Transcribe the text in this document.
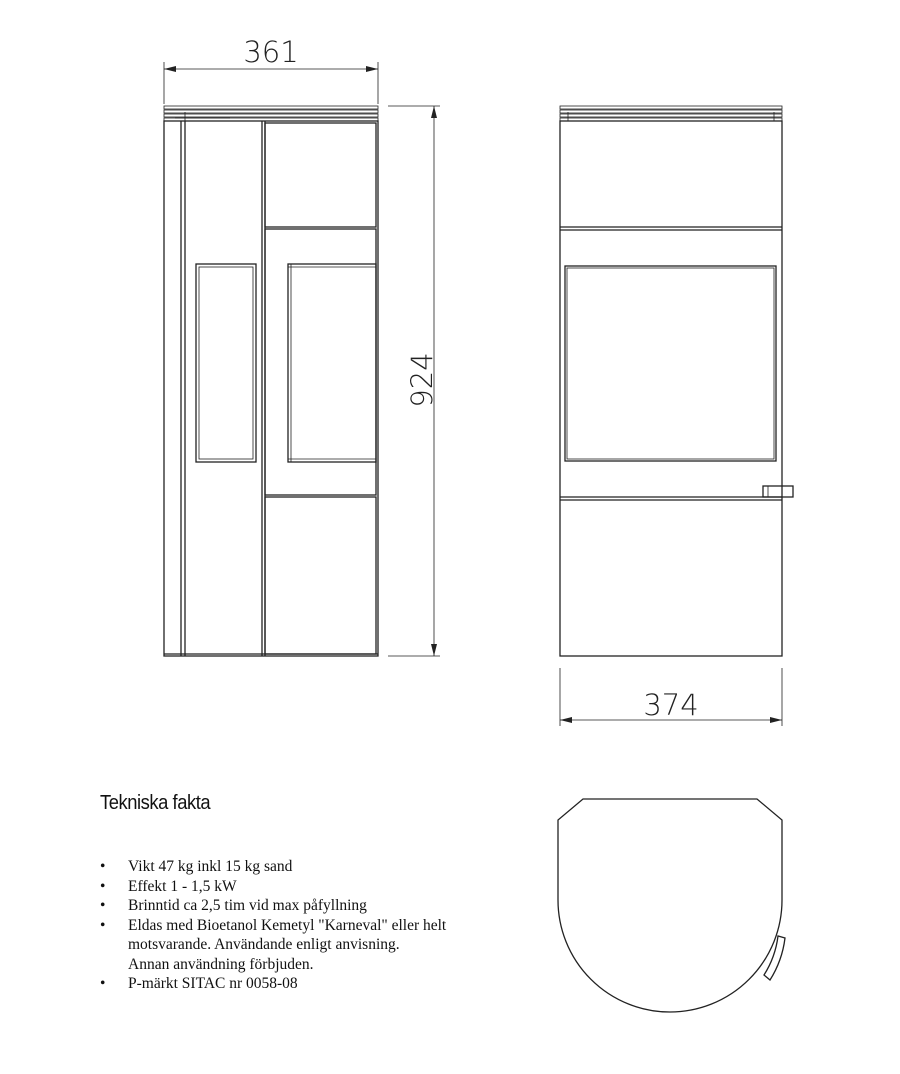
361
924
374
Tekniska fakta
• Vikt 47 kg inkl 15 kg sand
• Effekt 1 - 1,5 kW
• Brinntid ca 2,5 tim vid max påfyllning
• Eldas med Bioetanol Kemetyl "Karneval" eller helt
motsvarande. Användande enligt anvisning.
Annan användning förbjuden.
• P-märkt SITAC nr 0058-08
